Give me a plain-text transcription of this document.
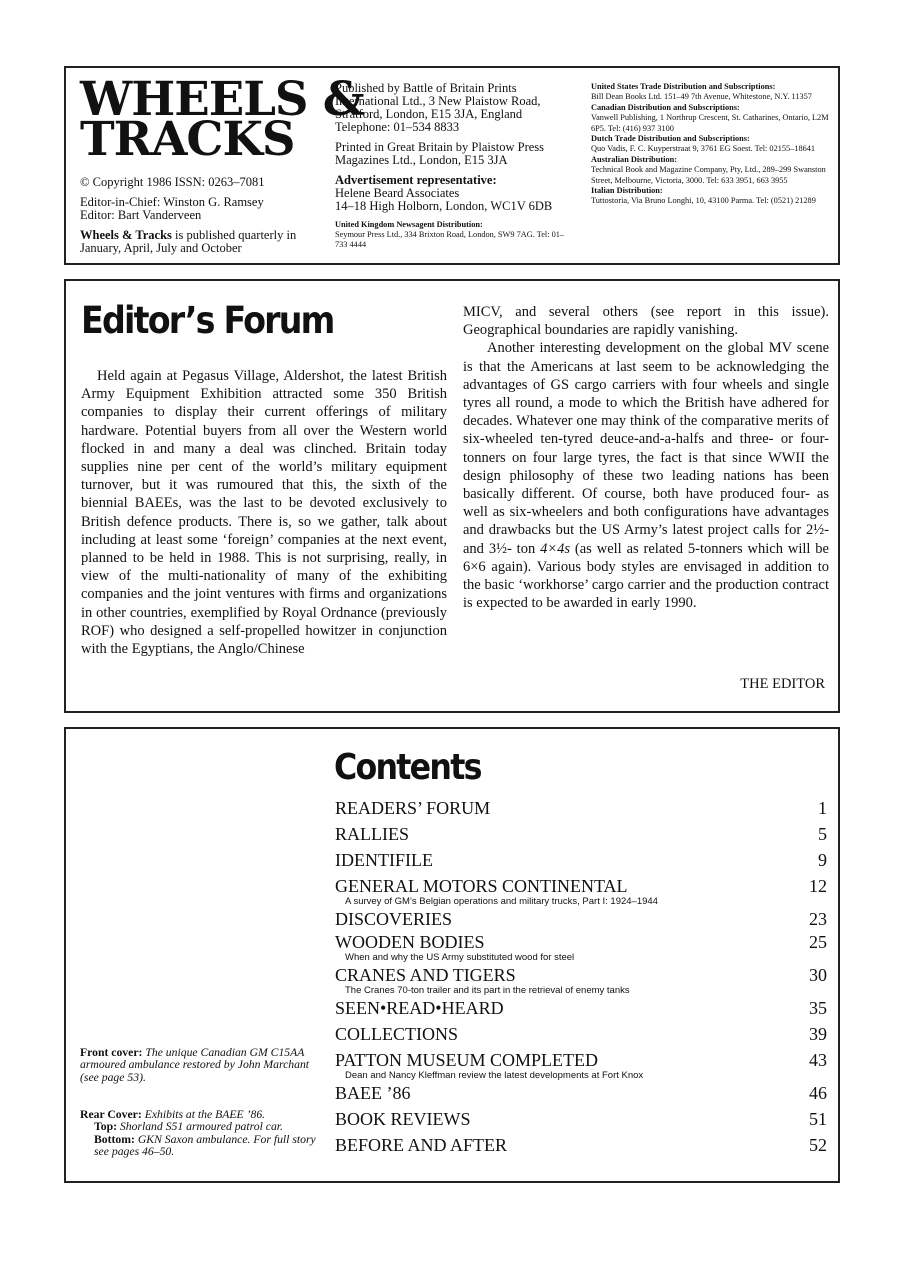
WHEELS &
TRACKS

© Copyright 1986 ISSN: 0263–7081

Editor-in-Chief: Winston G. Ramsey
Editor: Bart Vanderveen

Wheels & Tracks is published quarterly in January, April, July and October

Published by Battle of Britain Prints International Ltd., 3 New Plaistow Road, Stratford, London, E15 3JA, England Telephone: 01–534 8833

Printed in Great Britain by Plaistow Press Magazines Ltd., London, E15 3JA

Advertisement representative:
Helene Beard Associates
14–18 High Holborn, London, WC1V 6DB

United Kingdom Newsagent Distribution:
Seymour Press Ltd., 334 Brixton Road, London, SW9 7AG. Tel: 01–733 4444

United States Trade Distribution and Subscriptions:
Bill Dean Books Ltd. 151–49 7th Avenue, Whitestone, N.Y. 11357
Canadian Distribution and Subscriptions:
Vanwell Publishing, 1 Northrup Crescent, St. Catharines, Ontario, L2M 6P5. Tel: (416) 937 3100
Dutch Trade Distribution and Subscriptions:
Quo Vadis, F. C. Kuyperstraat 9, 3761 EG Soest. Tel: 02155–18641
Australian Distribution:
Technical Book and Magazine Company, Pty, Ltd., 289–299 Swanston Street, Melbourne, Victoria, 3000. Tel: 633 3951, 663 3955
Italian Distribution:
Tuttostoria, Via Bruno Longhi, 10, 43100 Parma. Tel: (0521) 21289
Editor’s Forum
Held again at Pegasus Village, Aldershot, the latest British Army Equipment Exhibition attracted some 350 British companies to display their current offerings of military hardware. Potential buyers from all over the Western world flocked in and many a deal was clinched. Britain today supplies nine per cent of the world’s military equipment turnover, but it was rumoured that this, the sixth of the biennial BAEEs, was the last to be devoted exclusively to British defence products. There is, so we gather, talk about including at least some ‘foreign’ companies at the next event, planned to be held in 1988. This is not surprising, really, in view of the multi-nationality of many of the exhibiting companies and the joint ventures with firms and organizations in other countries, exemplified by Royal Ordnance (previously ROF) who designed a self-propelled howitzer in conjunction with the Egyptians, the Anglo/Chinese
MICV, and several others (see report in this issue). Geographical boundaries are rapidly vanishing.
Another interesting development on the global MV scene is that the Americans at last seem to be acknowledging the advantages of GS cargo carriers with four wheels and single tyres all round, a mode to which the British have adhered for decades. Whatever one may think of the comparative merits of six-wheeled ten-tyred deuce-and-a-halfs and three- or four-tonners on four large tyres, the fact is that since WWII the design philosophy of these two leading nations has been basically different. Of course, both have produced four- as well as six-wheelers and both configurations have advantages and drawbacks but the US Army’s latest project calls for 2½- and 3½- ton 4×4s (as well as related 5-tonners which will be 6×6 again). Various body styles are envisaged in addition to the basic ‘workhorse’ cargo carrier and the production contract is expected to be awarded in early 1990.
THE EDITOR
Contents
READERS’ FORUM	1
RALLIES	5
IDENTIFILE	9
GENERAL MOTORS CONTINENTAL	12
A survey of GM’s Belgian operations and military trucks, Part I: 1924–1944
DISCOVERIES	23
WOODEN BODIES	25
When and why the US Army substituted wood for steel
CRANES AND TIGERS	30
The Cranes 70-ton trailer and its part in the retrieval of enemy tanks
SEEN•READ•HEARD	35
COLLECTIONS	39
PATTON MUSEUM COMPLETED	43
Dean and Nancy Kleffman review the latest developments at Fort Knox
BAEE ’86	46
BOOK REVIEWS	51
BEFORE AND AFTER	52
Front cover: The unique Canadian GM C15AA armoured ambulance restored by John Marchant (see page 53).
Rear Cover: Exhibits at the BAEE ’86.
Top: Shorland S51 armoured patrol car.
Bottom: GKN Saxon ambulance. For full story see pages 46–50.
